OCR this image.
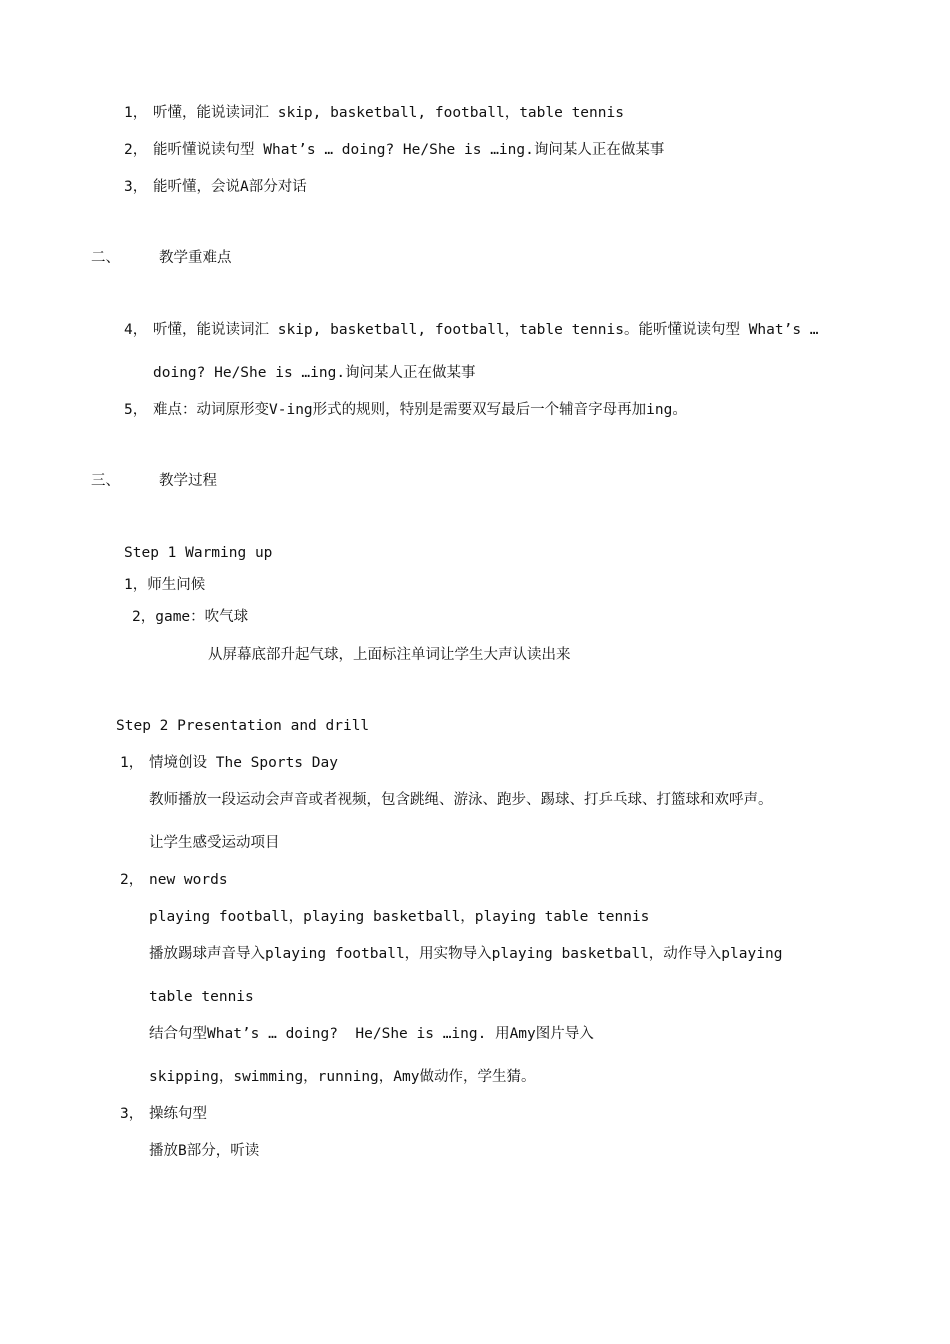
1， 听懂，能说读词汇 skip, basketball, football，table tennis
2， 能听懂说读句型 What’s … doing? He/She is …ing.询问某人正在做某事
3， 能听懂，会说A部分对话
二、	教学重难点
4， 听懂，能说读词汇 skip, basketball, football，table tennis。能听懂说读句型 What’s …
doing? He/She is …ing.询问某人正在做某事
5， 难点：动词原形变V-ing形式的规则，特别是需要双写最后一个辅音字母再加ing。
三、	教学过程
Step 1 Warming up
1，师生问候
2，game：吹气球
从屏幕底部升起气球，上面标注单词让学生大声认读出来
Step 2 Presentation and drill
1， 情境创设 The Sports Day
教师播放一段运动会声音或者视频，包含跳绳、游泳、跑步、踢球、打乒乓球、打篮球和欢呼声。
让学生感受运动项目
2， new words
playing football，playing basketball，playing table tennis
播放踢球声音导入playing football，用实物导入playing basketball，动作导入playing
table tennis
结合句型What’s … doing?  He/She is …ing. 用Amy图片导入
skipping，swimming，running，Amy做动作，学生猜。
3， 操练句型
播放B部分，听读
